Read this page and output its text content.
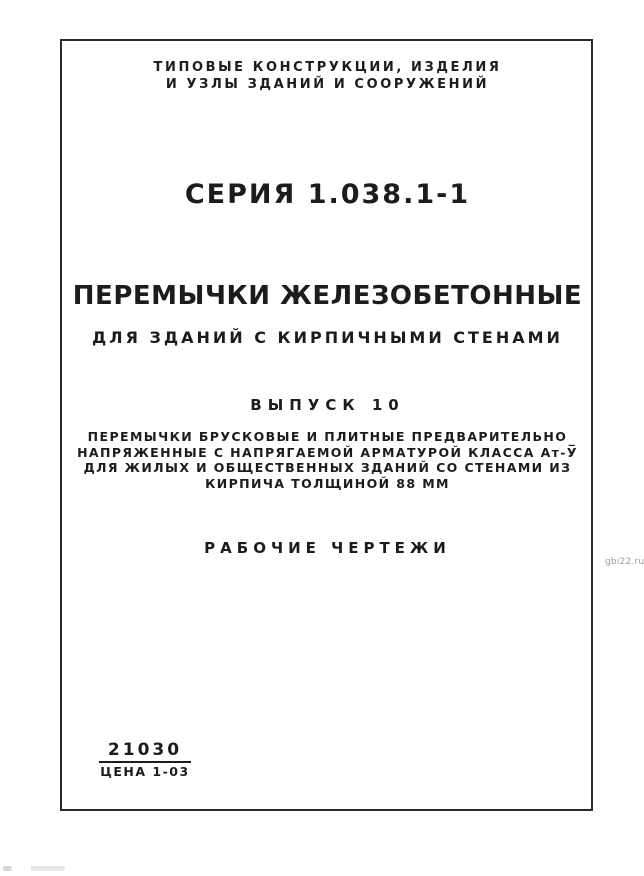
ТИПОВЫЕ КОНСТРУКЦИИ, ИЗДЕЛИЯ
И УЗЛЫ ЗДАНИЙ И СООРУЖЕНИЙ
СЕРИЯ 1.038.1-1
ПЕРЕМЫЧКИ ЖЕЛЕЗОБЕТОННЫЕ
ДЛЯ ЗДАНИЙ С КИРПИЧНЫМИ СТЕНАМИ
ВЫПУСК 10
ПЕРЕМЫЧКИ БРУСКОВЫЕ И ПЛИТНЫЕ ПРЕДВАРИТЕЛЬНО
НАПРЯЖЕННЫЕ С НАПРЯГАЕМОЙ АРМАТУРОЙ КЛАССА Ат-У̅
ДЛЯ ЖИЛЫХ И ОБЩЕСТВЕННЫХ ЗДАНИЙ СО СТЕНАМИ ИЗ
КИРПИЧА ТОЛЩИНОЙ 88 ММ
РАБОЧИЕ ЧЕРТЕЖИ
gbi22.ru
21030
ЦЕНА 1-03
